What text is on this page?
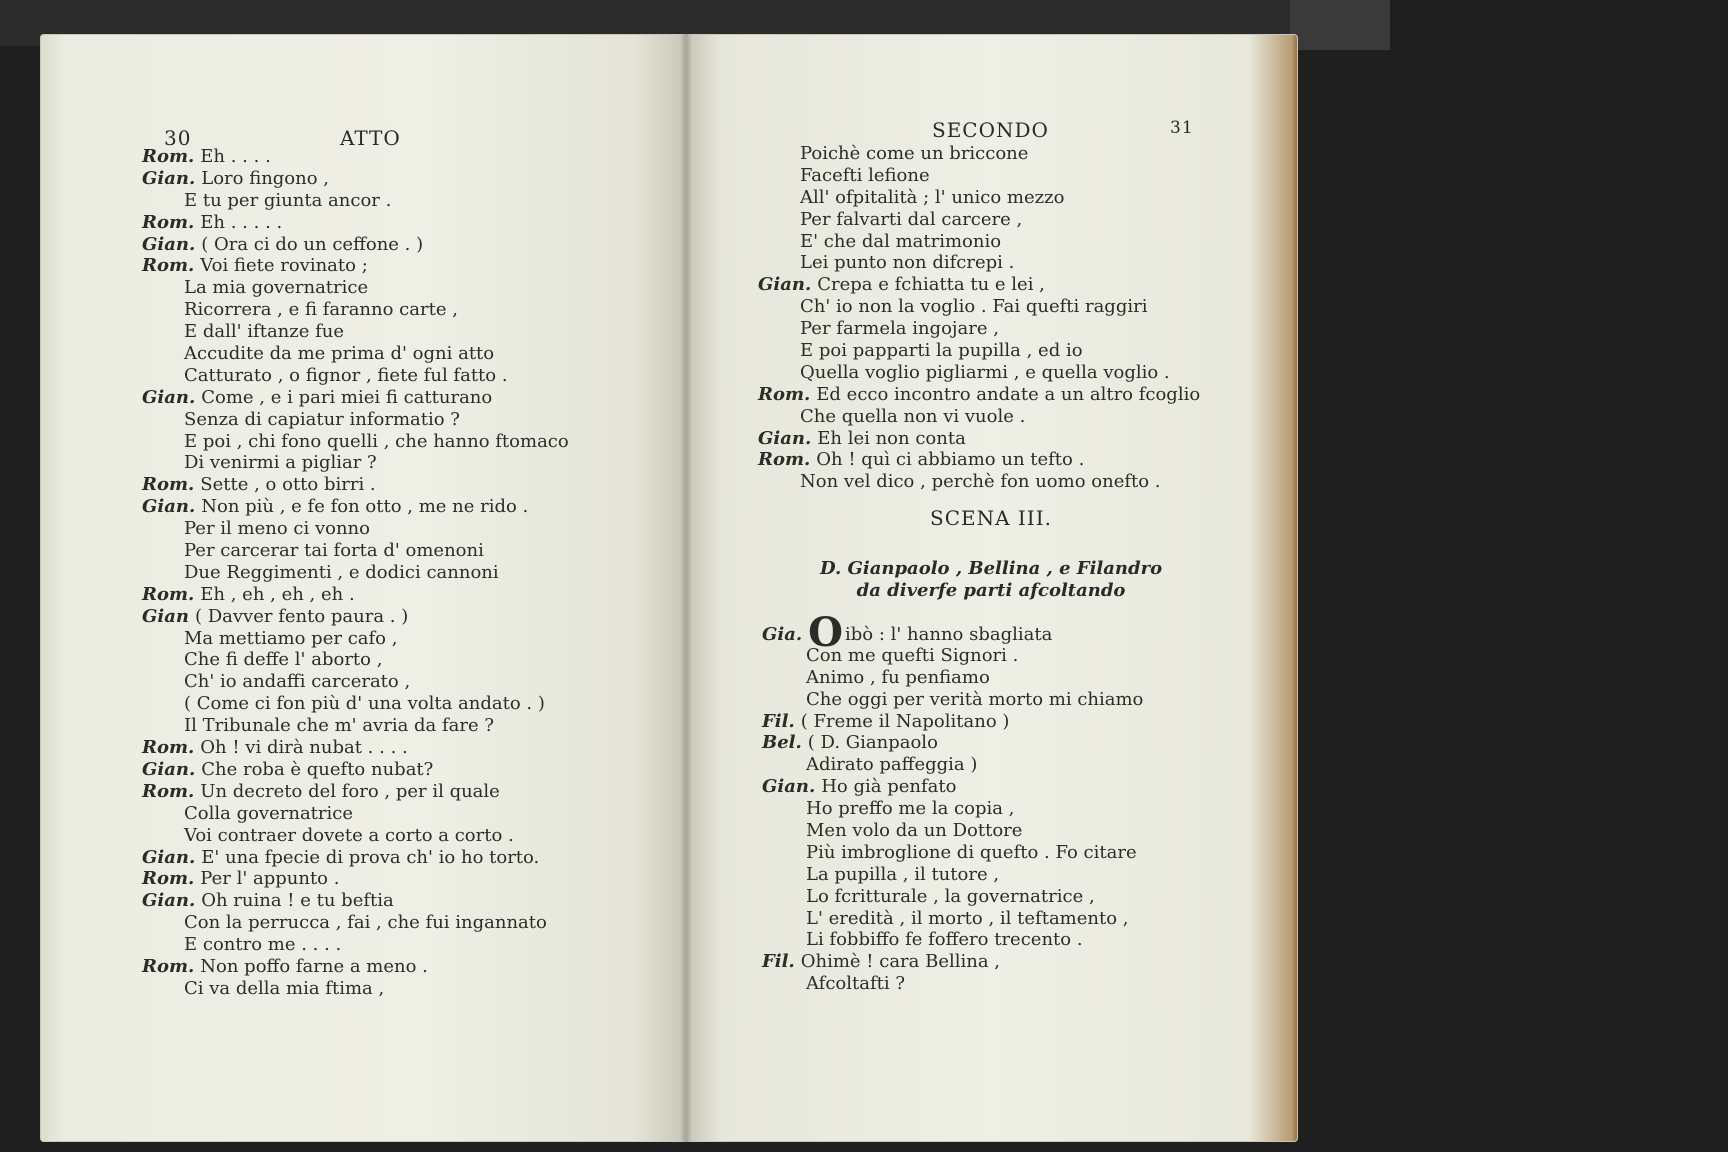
30	ATTO	SECONDO	31
Rom. Eh . . . .
Gian. Loro fingono ,
E tu per giunta ancor .
Rom. Eh . . . . .
Gian. ( Ora ci do un ceffone . )
Rom. Voi fiete rovinato ;
La mia governatrice
Ricorrera , e fi faranno carte ,
E dall' iftanze fue
Accudite da me prima d' ogni atto
Catturato , o fignor , fiete ful fatto .
Gian. Come , e i pari miei fi catturano
Senza di capiatur informatio ?
E poi , chi fono quelli , che hanno ftomaco
Di venirmi a pigliar ?
Rom. Sette , o otto birri .
Gian. Non più , e fe fon otto , me ne rido .
Per il meno ci vonno
Per carcerar tai forta d' omenoni
Due Reggimenti , e dodici cannoni
Rom. Eh , eh , eh , eh .
Gian ( Davver fento paura . )
Ma mettiamo per cafo ,
Che fi deffe l' aborto ,
Ch' io andaffi carcerato ,
( Come ci fon più d' una volta andato . )
Il Tribunale che m' avria da fare ?
Rom. Oh ! vi dirà nubat . . . .
Gian. Che roba è quefto nubat?
Rom. Un decreto del foro , per il quale
Colla governatrice
Voi contraer dovete a corto a corto .
Gian. E' una fpecie di prova ch' io ho torto.
Rom. Per l' appunto .
Gian. Oh ruina ! e tu beftia
Con la perrucca , fai , che fui ingannato
E contro me . . . .
Rom. Non poffo farne a meno .
Ci va della mia ftima ,
Poichè come un briccone
Facefti lefione
All' ofpitalità ; l' unico mezzo
Per falvarti dal carcere ,
E' che dal matrimonio
Lei punto non difcrepi .
Gian. Crepa e fchiatta tu e lei ,
Ch' io non la voglio . Fai quefti raggiri
Per farmela ingojare ,
E poi papparti la pupilla , ed io
Quella voglio pigliarmi , e quella voglio .
Rom. Ed ecco incontro andate a un altro fcoglio
Che quella non vi vuole .
Gian. Eh lei non conta
Rom. Oh ! quì ci abbiamo un tefto .
Non vel dico , perchè fon uomo onefto .
SCENA III.
D. Gianpaolo , Bellina , e Filandro
da diverfe parti afcoltando
Gia. O ibò : l' hanno sbagliata
Con me quefti Signori .
Animo , fu penfiamo
Che oggi per verità morto mi chiamo
Fil. ( Freme il Napolitano )
Bel. ( D. Gianpaolo
Adirato paffeggia )
Gian. Ho già penfato
Ho preffo me la copia ,
Men volo da un Dottore
Più imbroglione di quefto . Fo citare
La pupilla , il tutore ,
Lo fcritturale , la governatrice ,
L' eredità , il morto , il teftamento ,
Li fobbiffo fe foffero trecento .
Fil. Ohimè ! cara Bellina ,
Afcoltafti ?
